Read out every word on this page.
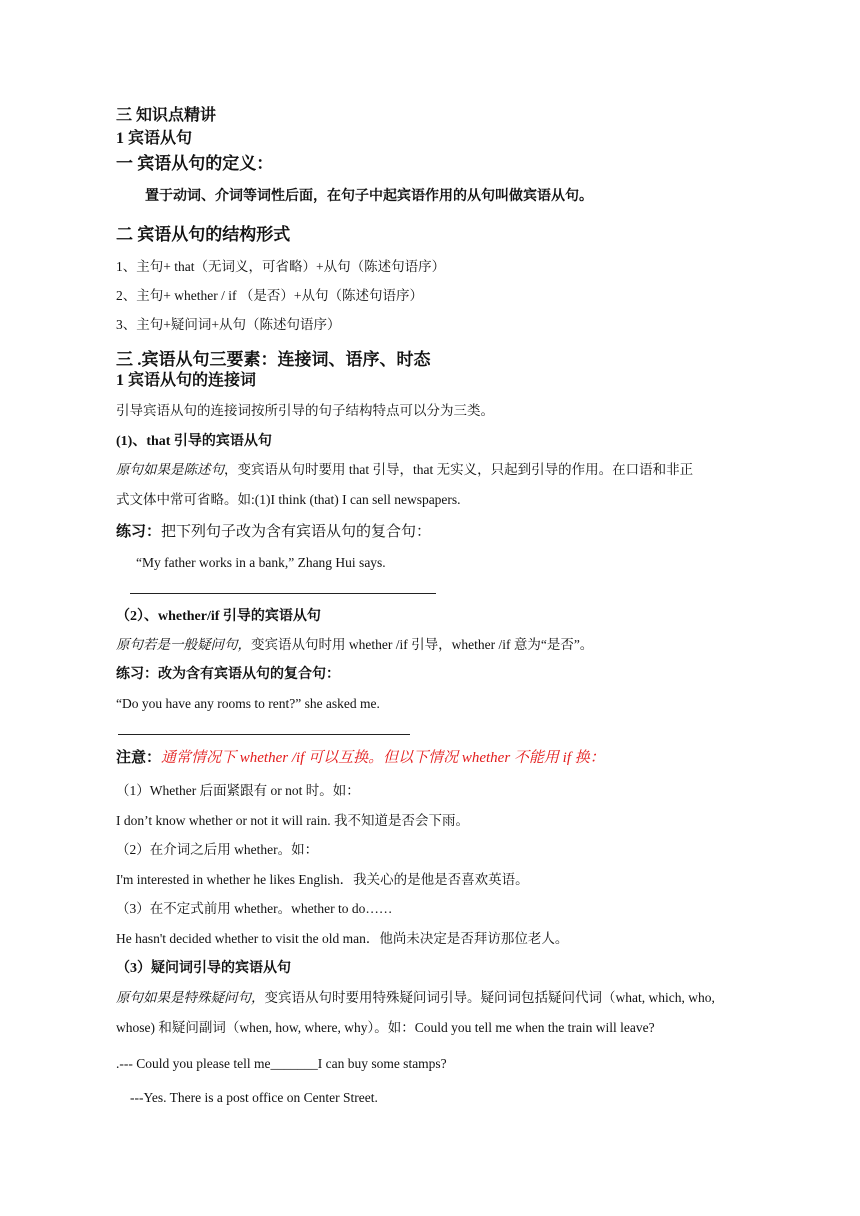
三 知识点精讲
1 宾语从句
一 宾语从句的定义：
置于动词、介词等词性后面，在句子中起宾语作用的从句叫做宾语从句。
二 宾语从句的结构形式
1、主句+ that（无词义，可省略）+从句（陈述句语序）
2、主句+ whether / if （是否）+从句（陈述句语序）
3、主句+疑问词+从句（陈述句语序）
三 .宾语从句三要素：连接词、语序、时态
1 宾语从句的连接词
引导宾语从句的连接词按所引导的句子结构特点可以分为三类。
(1)、that 引导的宾语从句
原句如果是陈述句，变宾语从句时要用 that 引导，that 无实义，只起到引导的作用。在口语和非正
式文体中常可省略。如:(1)I think (that) I can sell newspapers.
练习：把下列句子改为含有宾语从句的复合句：
“My father works in a bank,” Zhang Hui says.
（2）、whether/if 引导的宾语从句
原句若是一般疑问句，变宾语从句时用 whether /if 引导，whether /if 意为“是否”。
练习：改为含有宾语从句的复合句：
“Do you have any rooms to rent?” she asked me.
注意：通常情况下 whether /if 可以互换。但以下情况 whether 不能用 if 换：
（1）Whether 后面紧跟有 or not 时。如：
I don’t know whether or not it will rain. 我不知道是否会下雨。
（2）在介词之后用 whether。如：
I'm interested in whether he likes English．我关心的是他是否喜欢英语。
（3）在不定式前用 whether。whether to do……
He hasn't decided whether to visit the old man．他尚未决定是否拜访那位老人。
（3）疑问词引导的宾语从句
原句如果是特殊疑问句，变宾语从句时要用特殊疑问词引导。疑问词包括疑问代词（what, which, who,
whose) 和疑问副词（when, how, where, why）。如：Could you tell me when the train will leave?
.--- Could you please tell me_______I can buy some stamps?
---Yes. There is a post office on Center Street.
